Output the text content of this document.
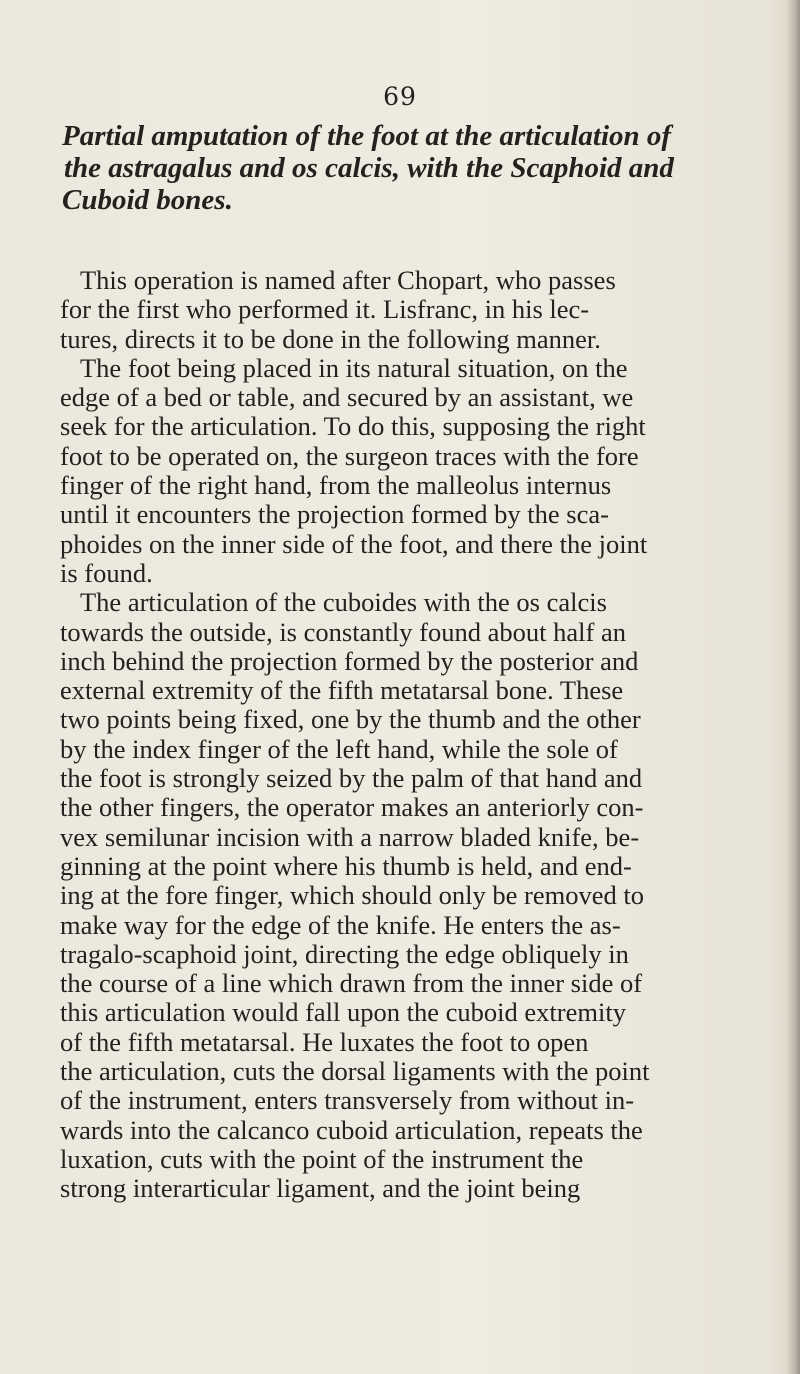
69
Partial amputation of the foot at the articulation of
the astragalus and os calcis, with the Scaphoid and
Cuboid bones.
This operation is named after Chopart, who passes
for the first who performed it. Lisfranc, in his lec-
tures, directs it to be done in the following manner.
The foot being placed in its natural situation, on the
edge of a bed or table, and secured by an assistant, we
seek for the articulation. To do this, supposing the right
foot to be operated on, the surgeon traces with the fore
finger of the right hand, from the malleolus internus
until it encounters the projection formed by the sca-
phoides on the inner side of the foot, and there the joint
is found.
The articulation of the cuboides with the os calcis
towards the outside, is constantly found about half an
inch behind the projection formed by the posterior and
external extremity of the fifth metatarsal bone. These
two points being fixed, one by the thumb and the other
by the index finger of the left hand, while the sole of
the foot is strongly seized by the palm of that hand and
the other fingers, the operator makes an anteriorly con-
vex semilunar incision with a narrow bladed knife, be-
ginning at the point where his thumb is held, and end-
ing at the fore finger, which should only be removed to
make way for the edge of the knife. He enters the as-
tragalo-scaphoid joint, directing the edge obliquely in
the course of a line which drawn from the inner side of
this articulation would fall upon the cuboid extremity
of the fifth metatarsal. He luxates the foot to open
the articulation, cuts the dorsal ligaments with the point
of the instrument, enters transversely from without in-
wards into the calcanco cuboid articulation, repeats the
luxation, cuts with the point of the instrument the
strong interarticular ligament, and the joint being
